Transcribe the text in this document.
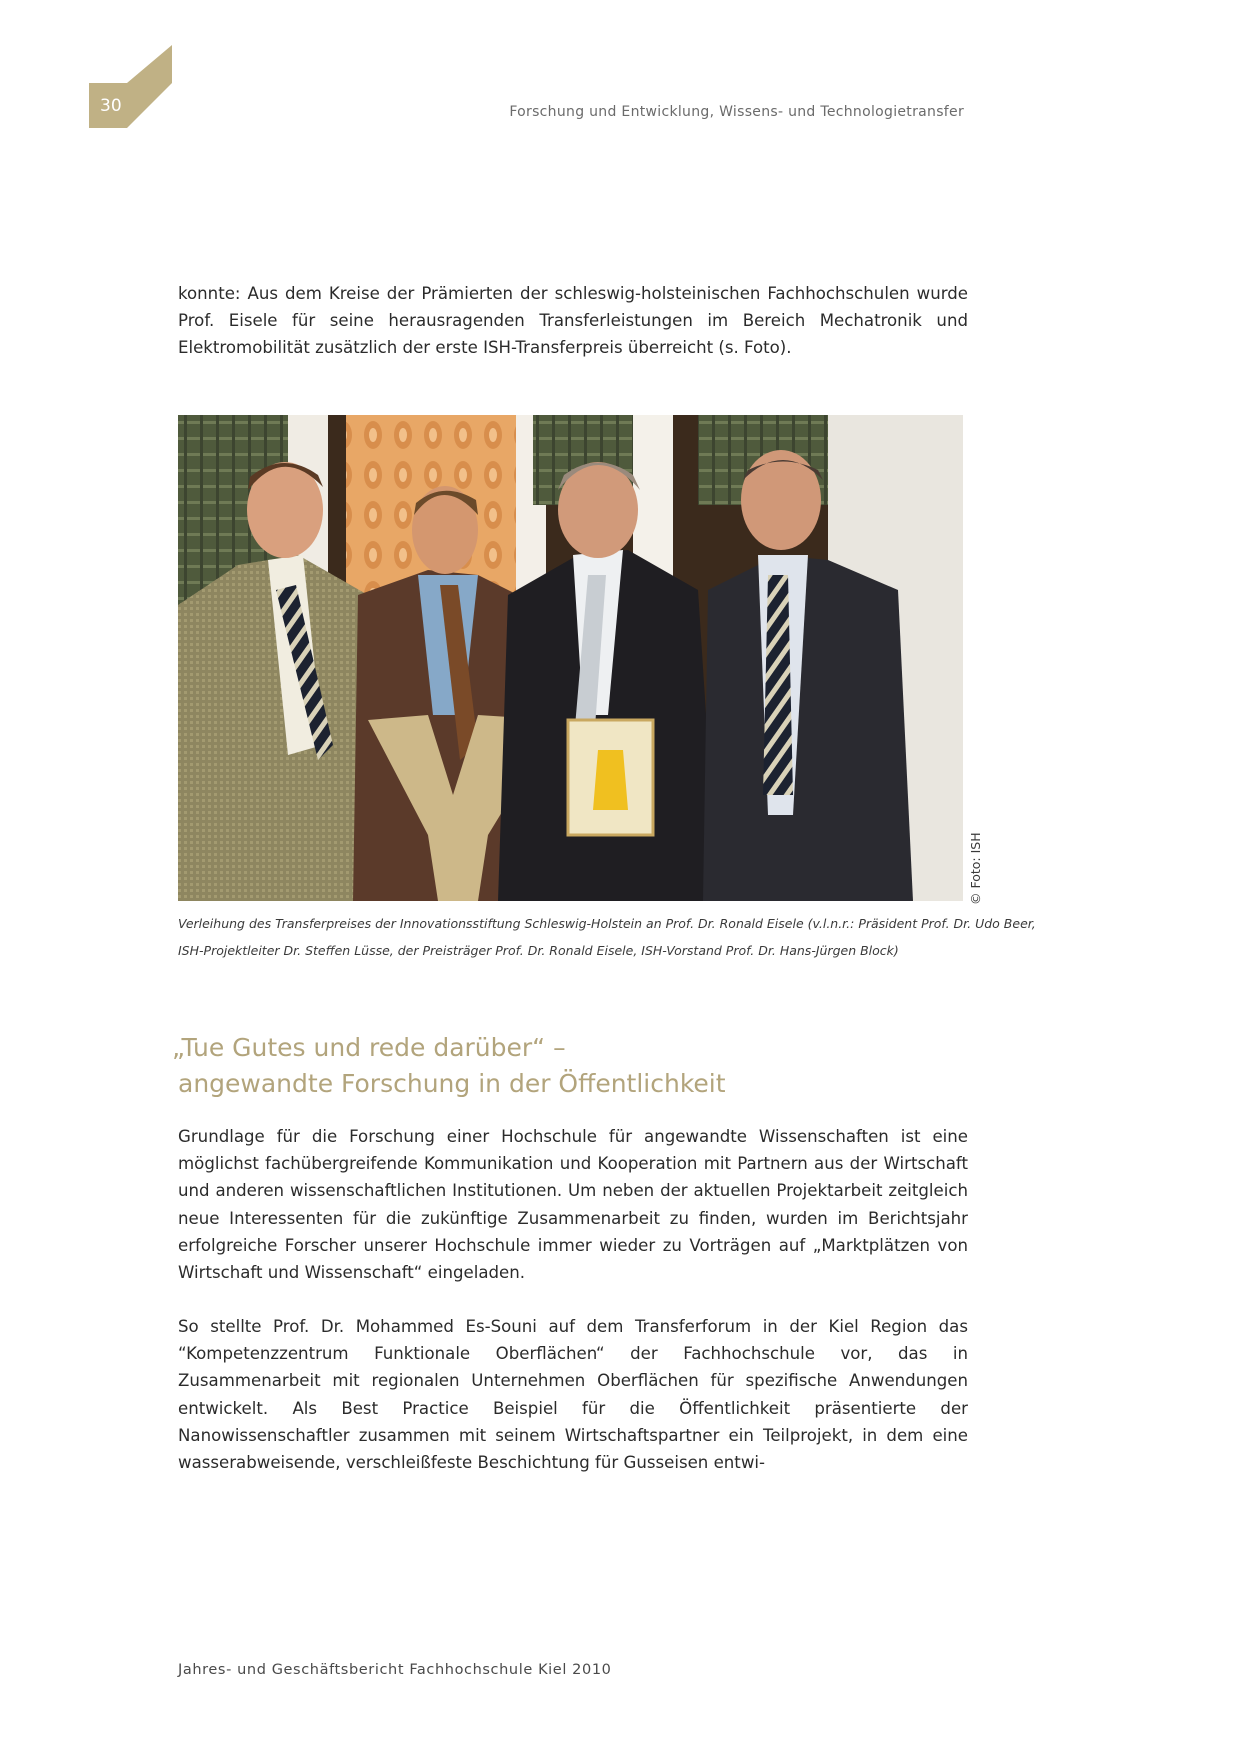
30	Forschung und Entwicklung, Wissens- und Technologietransfer

konnte: Aus dem Kreise der Prämierten der schleswig-holsteinischen Fachhochschulen wurde Prof. Eisele für seine herausragenden Transferleistungen im Bereich Mechatronik und Elektromobilität zusätzlich der erste ISH-Transferpreis überreicht (s. Foto).

© Foto: ISH
Verleihung des Transferpreises der Innovationsstiftung Schleswig-Holstein an Prof. Dr. Ronald Eisele (v.l.n.r.: Präsident Prof. Dr. Udo Beer,
ISH-Projektleiter Dr. Steffen Lüsse, der Preisträger Prof. Dr. Ronald Eisele, ISH-Vorstand Prof. Dr. Hans-Jürgen Block)
„Tue Gutes und rede darüber“ –
angewandte Forschung in der Öffentlichkeit

Grundlage für die Forschung einer Hochschule für angewandte Wissenschaften ist eine möglichst fachübergreifende Kommunikation und Kooperation mit Partnern aus der Wirtschaft und anderen wissenschaftlichen Institutionen. Um neben der aktuellen Projektarbeit zeitgleich neue Interessenten für die zukünftige Zusammenarbeit zu finden, wurden im Berichtsjahr erfolgreiche Forscher unserer Hochschule immer wieder zu Vorträgen auf „Marktplätzen von Wirtschaft und Wissenschaft“ eingeladen.

So stellte Prof. Dr. Mohammed Es-Souni auf dem Transferforum in der Kiel Region das “Kompetenzzentrum Funktionale Oberflächen“ der Fachhochschule vor, das in Zusammenarbeit mit regionalen Unternehmen Oberflächen für spezifische Anwendungen entwickelt. Als Best Practice Beispiel für die Öffentlichkeit präsentierte der Nanowissenschaftler zusammen mit seinem Wirtschaftspartner ein Teilprojekt, in dem eine wasserabweisende, verschleißfeste Beschichtung für Gusseisen entwi-

Jahres- und Geschäftsbericht Fachhochschule Kiel 2010
